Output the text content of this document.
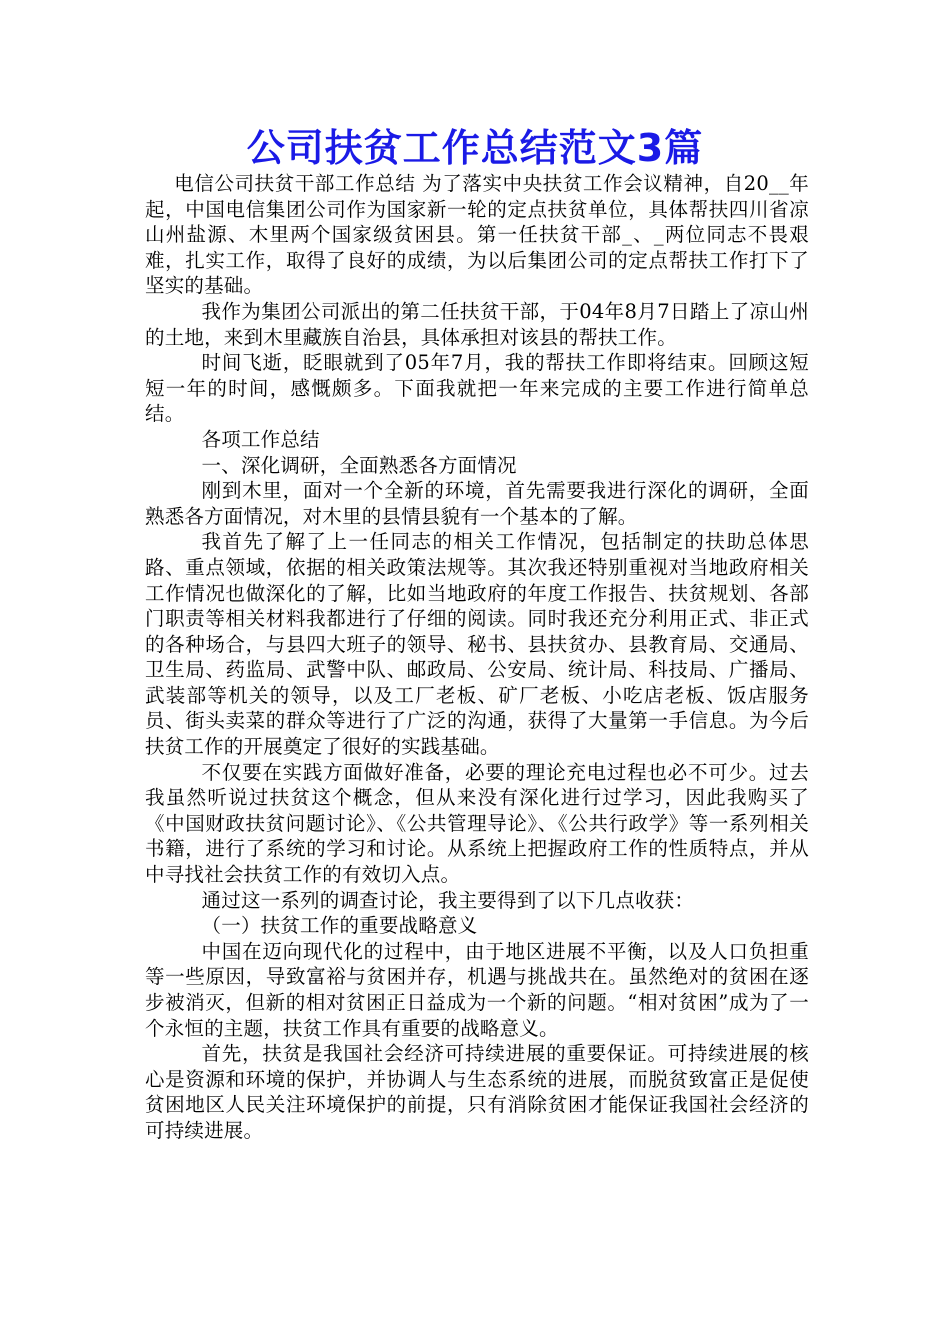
公司扶贫工作总结范文3篇

电信公司扶贫干部工作总结 为了落实中央扶贫工作会议精神，自20__年起，中国电信集团公司作为国家新一轮的定点扶贫单位，具体帮扶四川省凉山州盐源、木里两个国家级贫困县。第一任扶贫干部_、_两位同志不畏艰难，扎实工作，取得了良好的成绩，为以后集团公司的定点帮扶工作打下了坚实的基础。

我作为集团公司派出的第二任扶贫干部，于04年8月7日踏上了凉山州的土地，来到木里藏族自治县，具体承担对该县的帮扶工作。

时间飞逝，眨眼就到了05年7月，我的帮扶工作即将结束。回顾这短短一年的时间，感慨颇多。下面我就把一年来完成的主要工作进行简单总结。

各项工作总结

一、深化调研，全面熟悉各方面情况

刚到木里，面对一个全新的环境，首先需要我进行深化的调研，全面熟悉各方面情况，对木里的县情县貌有一个基本的了解。

我首先了解了上一任同志的相关工作情况，包括制定的扶助总体思路、重点领域，依据的相关政策法规等。其次我还特别重视对当地政府相关工作情况也做深化的了解，比如当地政府的年度工作报告、扶贫规划、各部门职责等相关材料我都进行了仔细的阅读。同时我还充分利用正式、非正式的各种场合，与县四大班子的领导、秘书、县扶贫办、县教育局、交通局、卫生局、药监局、武警中队、邮政局、公安局、统计局、科技局、广播局、武装部等机关的领导，以及工厂老板、矿厂老板、小吃店老板、饭店服务员、街头卖菜的群众等进行了广泛的沟通，获得了大量第一手信息。为今后扶贫工作的开展奠定了很好的实践基础。

不仅要在实践方面做好准备，必要的理论充电过程也必不可少。过去我虽然听说过扶贫这个概念，但从来没有深化进行过学习，因此我购买了《中国财政扶贫问题讨论》、《公共管理导论》、《公共行政学》等一系列相关书籍，进行了系统的学习和讨论。从系统上把握政府工作的性质特点，并从中寻找社会扶贫工作的有效切入点。

通过这一系列的调查讨论，我主要得到了以下几点收获：

（一）扶贫工作的重要战略意义

中国在迈向现代化的过程中，由于地区进展不平衡，以及人口负担重等一些原因，导致富裕与贫困并存，机遇与挑战共在。虽然绝对的贫困在逐步被消灭，但新的相对贫困正日益成为一个新的问题。“相对贫困”成为了一个永恒的主题，扶贫工作具有重要的战略意义。

首先，扶贫是我国社会经济可持续进展的重要保证。可持续进展的核心是资源和环境的保护，并协调人与生态系统的进展，而脱贫致富正是促使贫困地区人民关注环境保护的前提，只有消除贫困才能保证我国社会经济的可持续进展。
